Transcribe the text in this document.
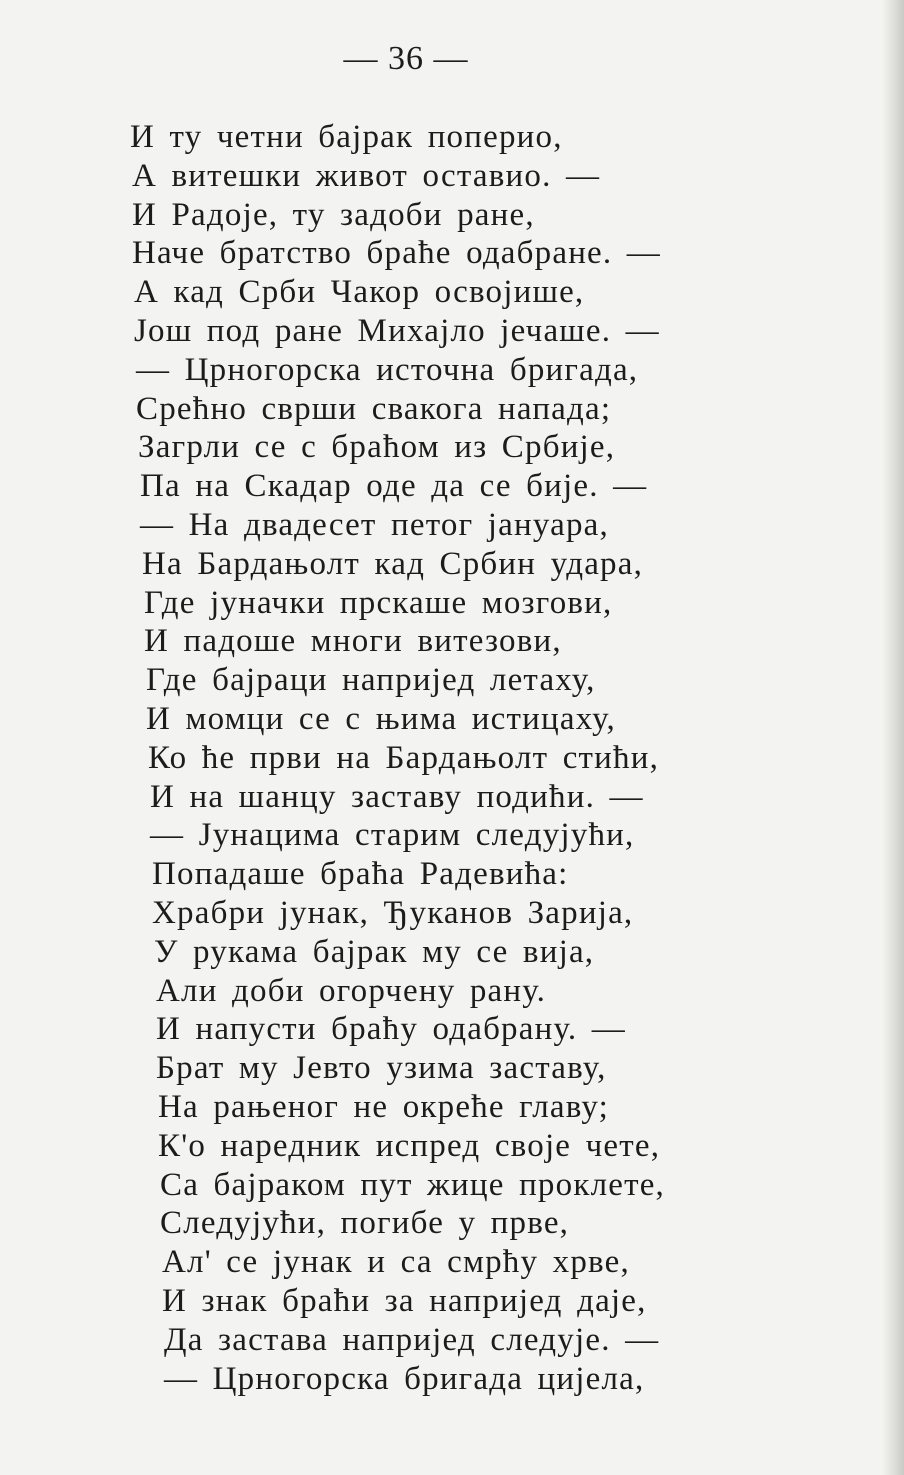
— 36 —
И ту четни бајрак поперио,
А витешки живот оставио. —
И Радоје, ту задоби ране,
Наче братство браће одабране. —
А кад Срби Чакор освојише,
Још под ране Михајло јечаше. —
— Црногорска источна бригада,
Срећно сврши свакога напада;
Загрли се с браћом из Србије,
Па на Скадар оде да се бије. —
— На двадесет петог јануара,
На Бардањолт кад Србин удара,
Где јуначки прскаше мозгови,
И падоше многи витезови,
Где бајраци напријед летаху,
И момци се с њима истицаху,
Ко ће први на Бардањолт стићи,
И на шанцу заставу подићи. —
— Јунацима старим следујући,
Попадаше браћа Радевића:
Храбри јунак, Ђуканов Зарија,
У рукама бајрак му се вија,
Али доби огорчену рану.
И напусти браћу одабрану. —
Брат му Јевто узима заставу,
На рањеног не окреће главу;
К'о наредник испред своје чете,
Са бајраком пут жице проклете,
Следујући, погибе у прве,
Ал' се јунак и са смрћу хрве,
И знак браћи за напријед даје,
Да застава напријед следује. —
— Црногорска бригада цијела,
